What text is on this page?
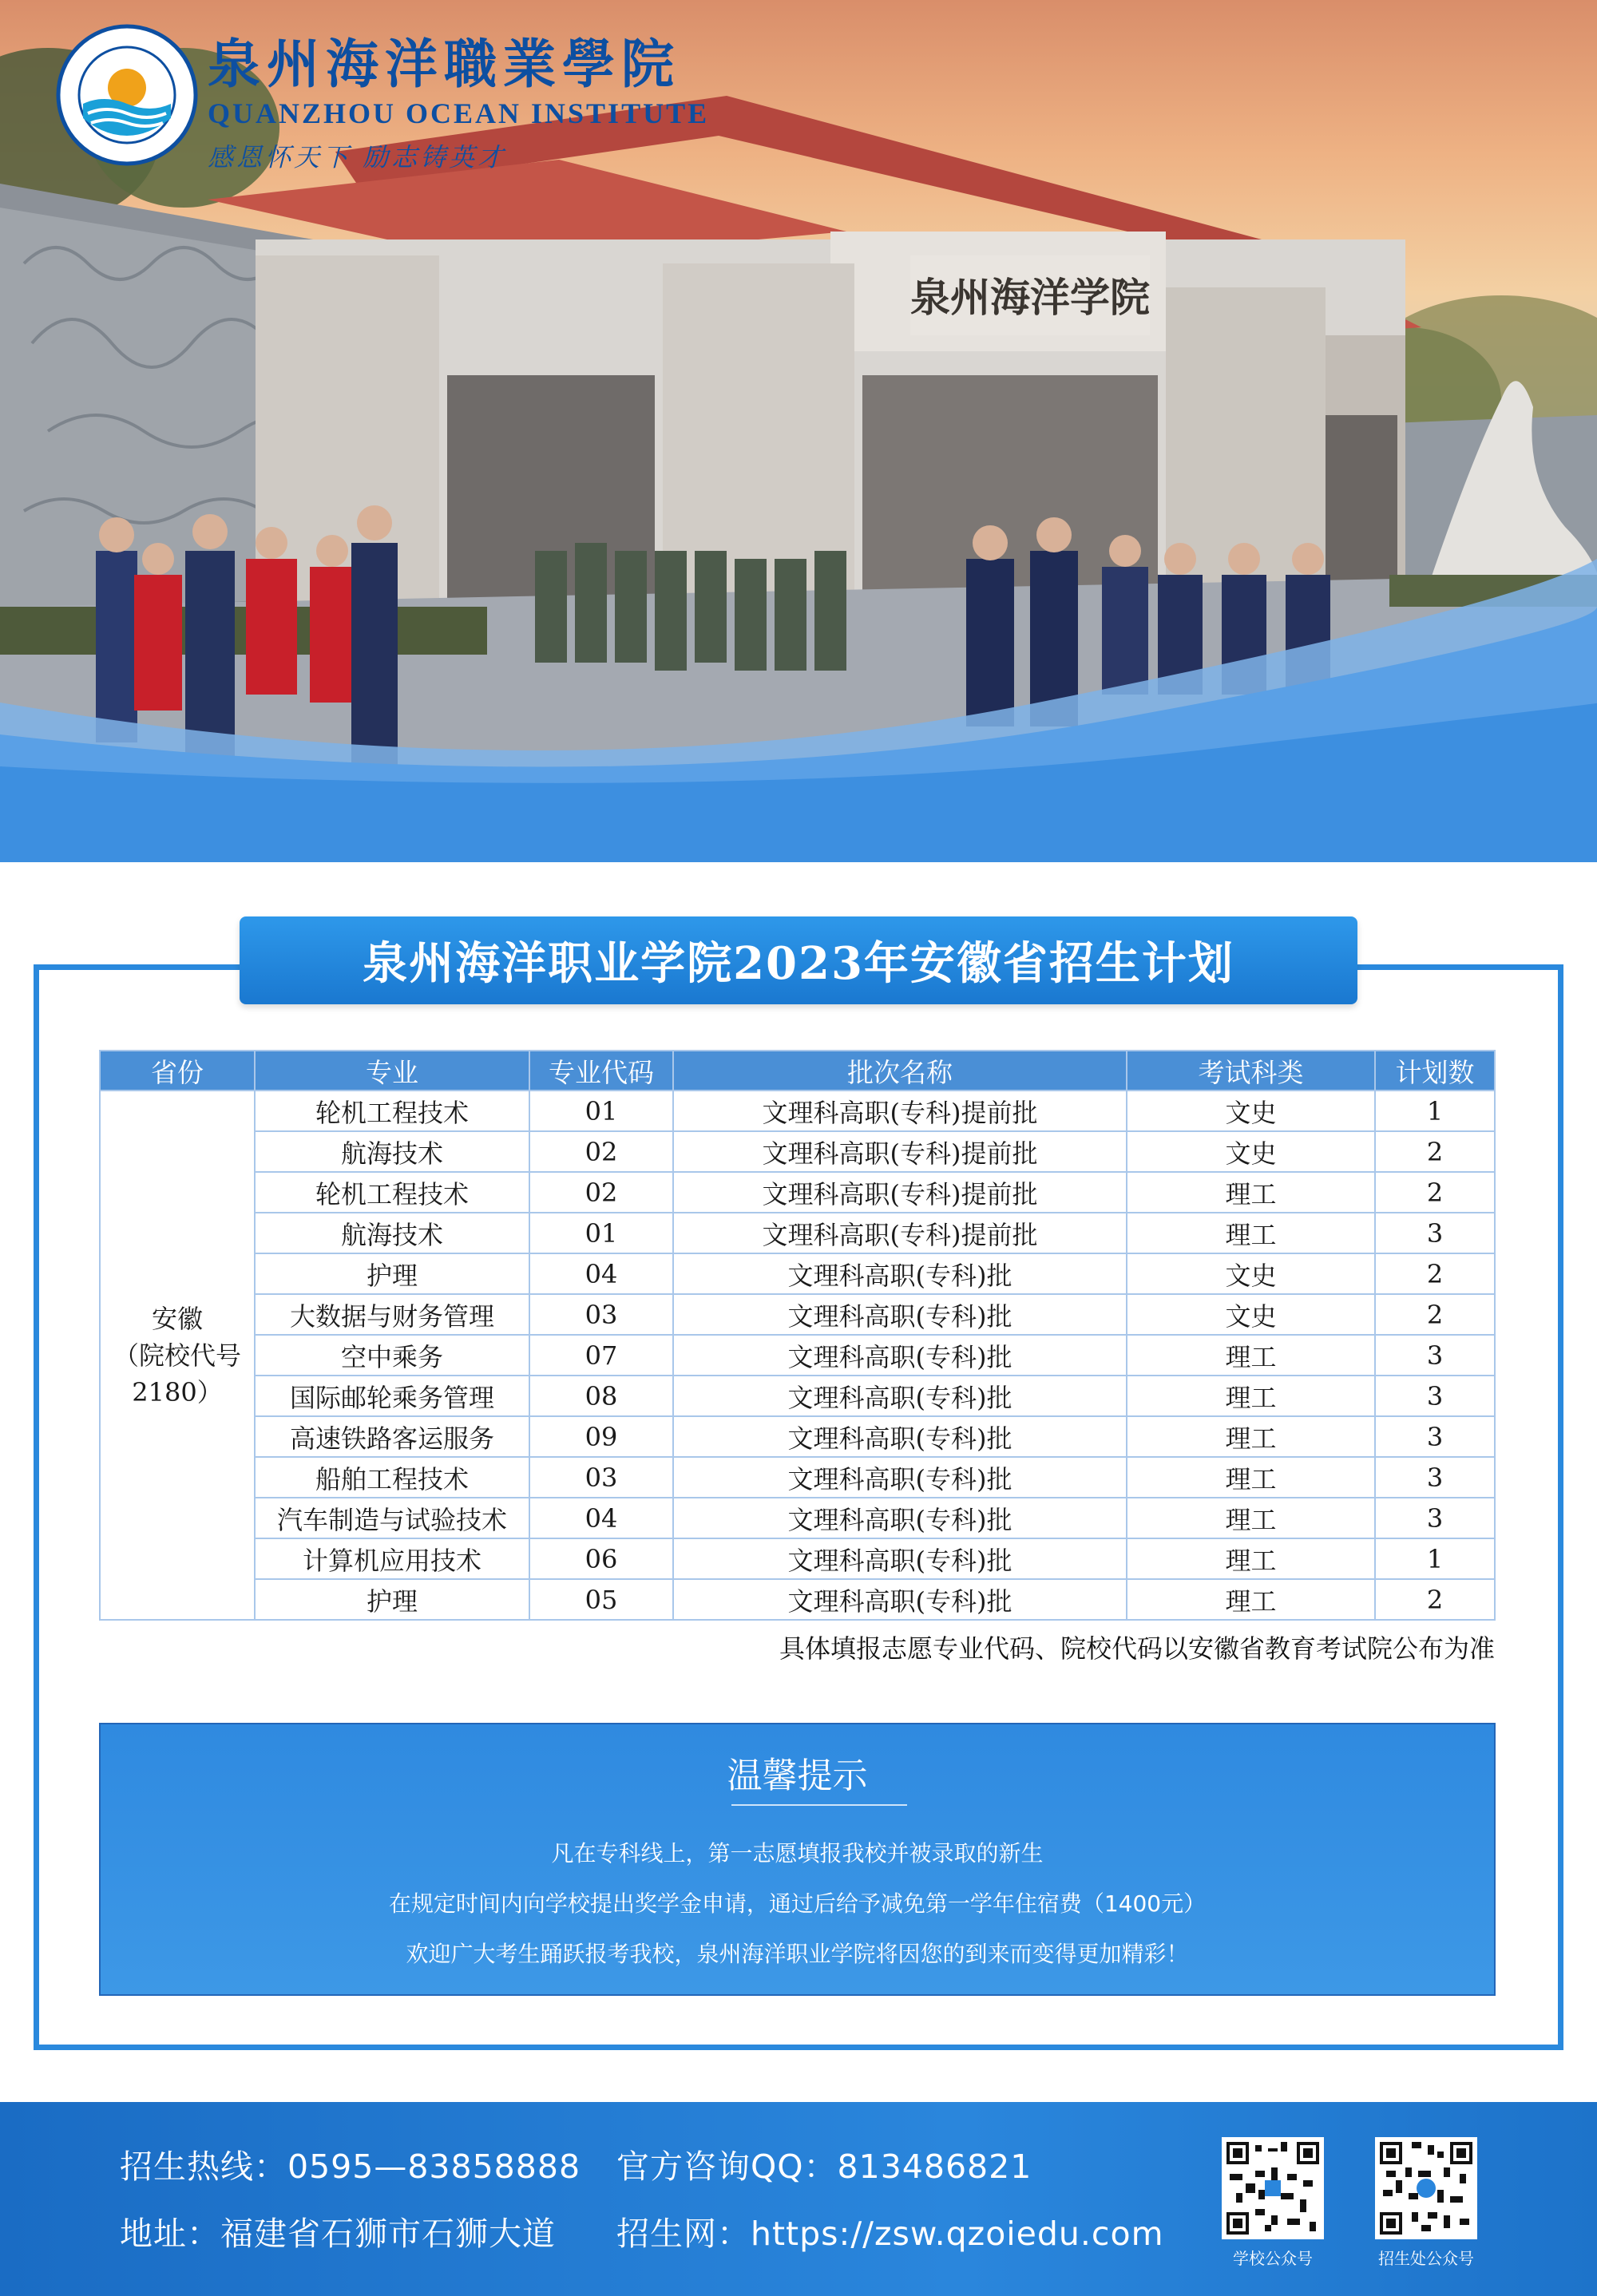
泉州海洋学院
泉州海洋職業學院
QUANZHOU OCEAN INSTITUTE
感恩怀天下 励志铸英才
泉州海洋职业学院2023年安徽省招生计划
省份	专业	专业代码	批次名称	考试科类	计划数

安徽
（院校代号
2180）	轮机工程技术	01	文理科高职(专科)提前批	文史	1
	航海技术	02	文理科高职(专科)提前批	文史	2
	轮机工程技术	02	文理科高职(专科)提前批	理工	2
	航海技术	01	文理科高职(专科)提前批	理工	3
	护理	04	文理科高职(专科)批	文史	2
	大数据与财务管理	03	文理科高职(专科)批	文史	2
	空中乘务	07	文理科高职(专科)批	理工	3
	国际邮轮乘务管理	08	文理科高职(专科)批	理工	3
	高速铁路客运服务	09	文理科高职(专科)批	理工	3
	船舶工程技术	03	文理科高职(专科)批	理工	3
	汽车制造与试验技术	04	文理科高职(专科)批	理工	3
	计算机应用技术	06	文理科高职(专科)批	理工	1
	护理	05	文理科高职(专科)批	理工	2
具体填报志愿专业代码、院校代码以安徽省教育考试院公布为准
温馨提示
凡在专科线上，第一志愿填报我校并被录取的新生
在规定时间内向学校提出奖学金申请，通过后给予减免第一学年住宿费（1400元）
欢迎广大考生踊跃报考我校，泉州海洋职业学院将因您的到来而变得更加精彩！
招生热线：0595—83858888 官方咨询QQ：813486821
地址：福建省石狮市石狮大道 招生网：https://zsw.qzoiedu.com
学校公众号	招生处公众号
